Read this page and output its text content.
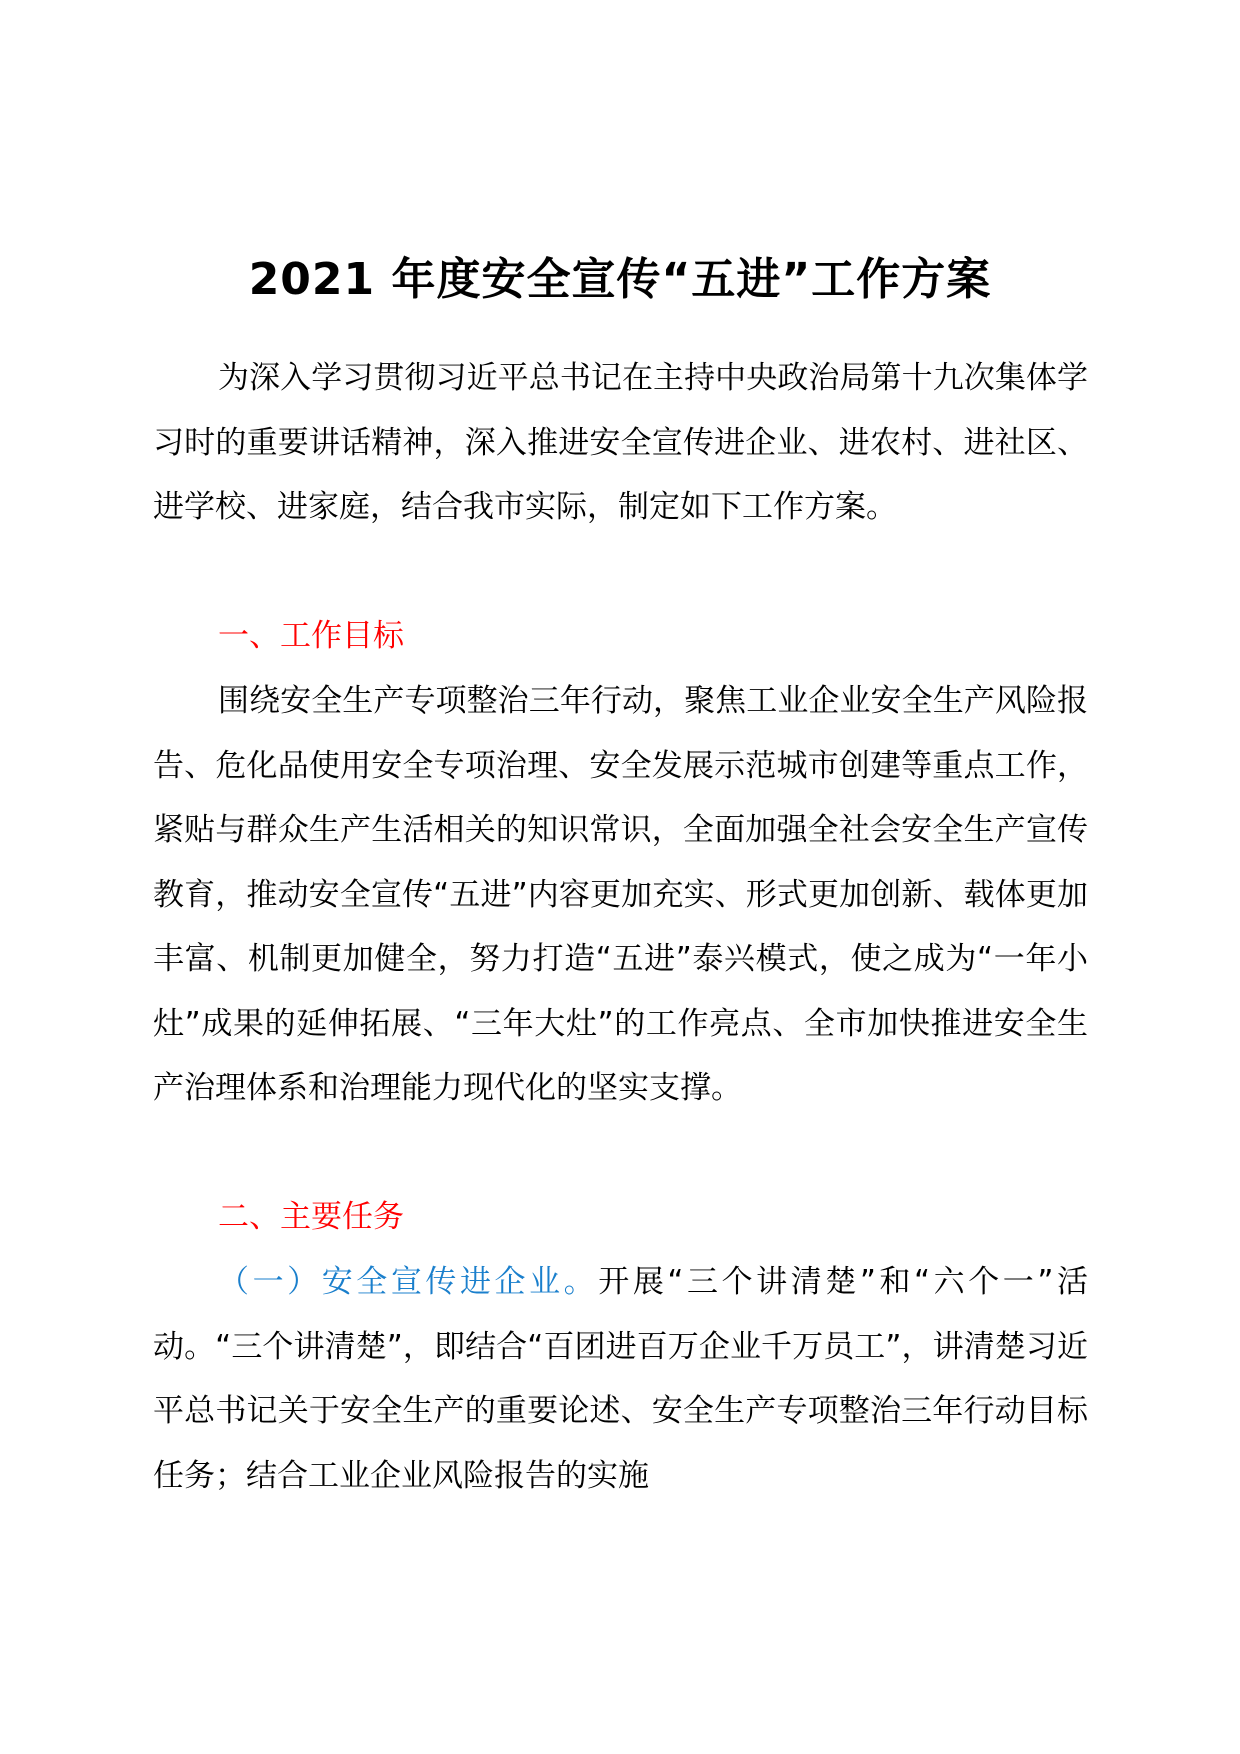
2021 年度安全宣传“五进”工作方案
为深入学习贯彻习近平总书记在主持中央政治局第十九次集体学习时的重要讲话精神，深入推进安全宣传进企业、进农村、进社区、进学校、进家庭，结合我市实际，制定如下工作方案。
一、工作目标
围绕安全生产专项整治三年行动，聚焦工业企业安全生产风险报告、危化品使用安全专项治理、安全发展示范城市创建等重点工作，紧贴与群众生产生活相关的知识常识，全面加强全社会安全生产宣传教育，推动安全宣传“五进”内容更加充实、形式更加创新、载体更加丰富、机制更加健全，努力打造“五进”泰兴模式，使之成为“一年小灶”成果的延伸拓展、“三年大灶”的工作亮点、全市加快推进安全生产治理体系和治理能力现代化的坚实支撑。
二、主要任务
（一）安全宣传进企业。开展“三个讲清楚”和“六个一”活动。“三个讲清楚”，即结合“百团进百万企业千万员工”，讲清楚习近平总书记关于安全生产的重要论述、安全生产专项整治三年行动目标任务；结合工业企业风险报告的实施
